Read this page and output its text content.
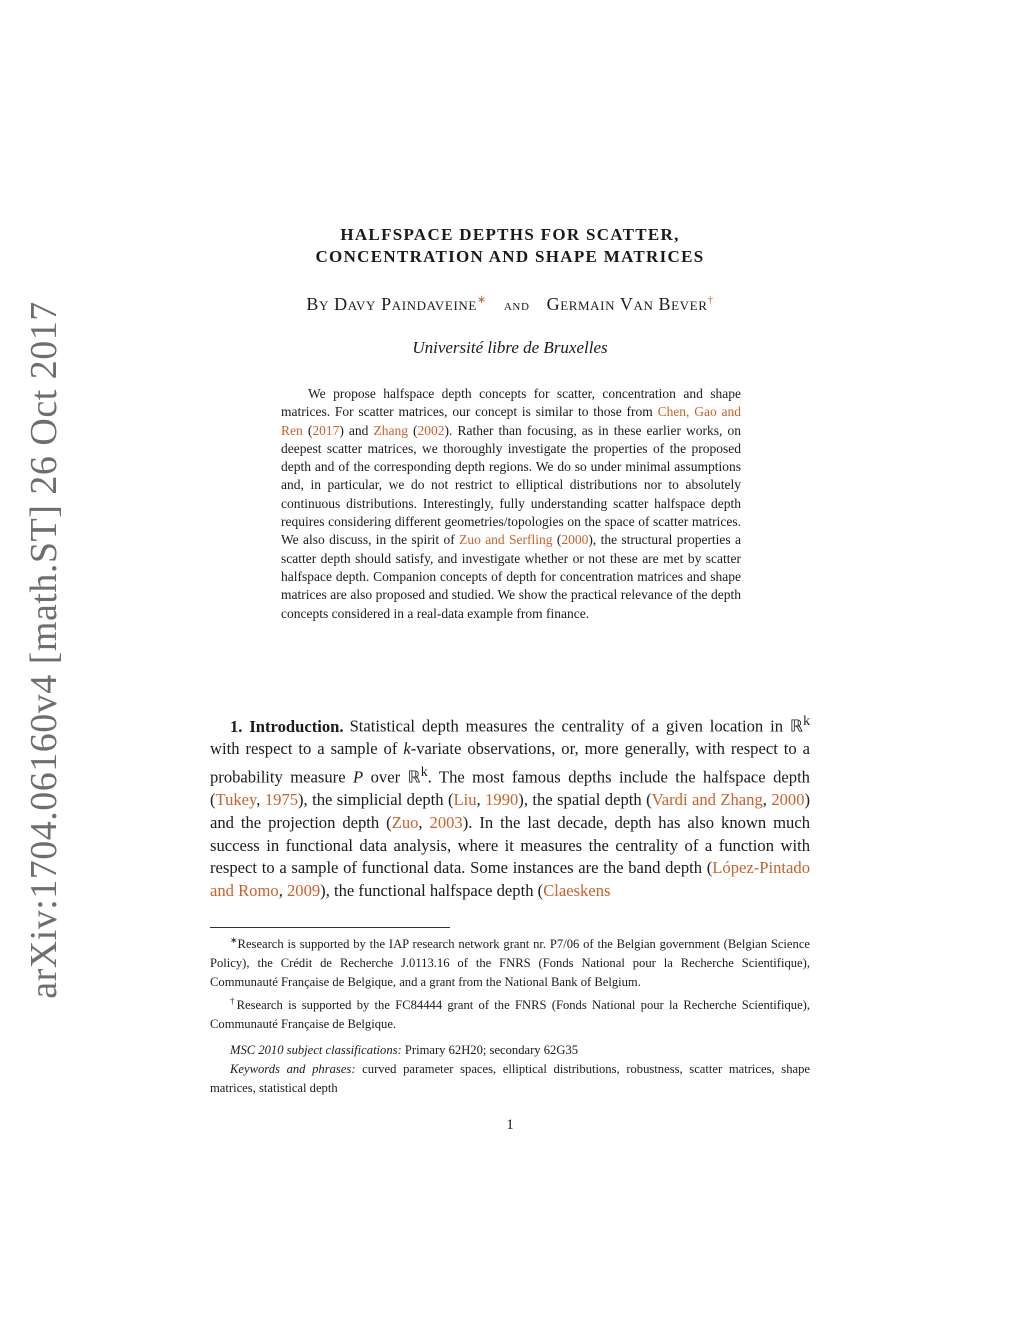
arXiv:1704.06160v4 [math.ST] 26 Oct 2017
HALFSPACE DEPTHS FOR SCATTER,
CONCENTRATION AND SHAPE MATRICES
By Davy Paindaveine∗ and Germain Van Bever†
Université libre de Bruxelles

We propose halfspace depth concepts for scatter, concentration and shape matrices. For scatter matrices, our concept is similar to those from Chen, Gao and Ren (2017) and Zhang (2002). Rather than focusing, as in these earlier works, on deepest scatter matrices, we thoroughly investigate the properties of the proposed depth and of the corresponding depth regions. We do so under minimal assumptions and, in particular, we do not restrict to elliptical distributions nor to absolutely continuous distributions. Interestingly, fully understanding scatter halfspace depth requires considering different geometries/topologies on the space of scatter matrices. We also discuss, in the spirit of Zuo and Serfling (2000), the structural properties a scatter depth should satisfy, and investigate whether or not these are met by scatter halfspace depth. Companion concepts of depth for concentration matrices and shape matrices are also proposed and studied. We show the practical relevance of the depth concepts considered in a real-data example from finance.

1. Introduction. Statistical depth measures the centrality of a given location in ℝ$^k$ with respect to a sample of k-variate observations, or, more generally, with respect to a probability measure P over ℝ$^k$. The most famous depths include the halfspace depth (Tukey, 1975), the simplicial depth (Liu, 1990), the spatial depth (Vardi and Zhang, 2000) and the projection depth (Zuo, 2003). In the last decade, depth has also known much success in functional data analysis, where it measures the centrality of a function with respect to a sample of functional data. Some instances are the band depth (López-Pintado and Romo, 2009), the functional halfspace depth (Claeskens

∗Research is supported by the IAP research network grant nr. P7/06 of the Belgian government (Belgian Science Policy), the Crédit de Recherche J.0113.16 of the FNRS (Fonds National pour la Recherche Scientifique), Communauté Française de Belgique, and a grant from the National Bank of Belgium.

†Research is supported by the FC84444 grant of the FNRS (Fonds National pour la Recherche Scientifique), Communauté Française de Belgique.

MSC 2010 subject classifications: Primary 62H20; secondary 62G35

Keywords and phrases: curved parameter spaces, elliptical distributions, robustness, scatter matrices, shape matrices, statistical depth

1
